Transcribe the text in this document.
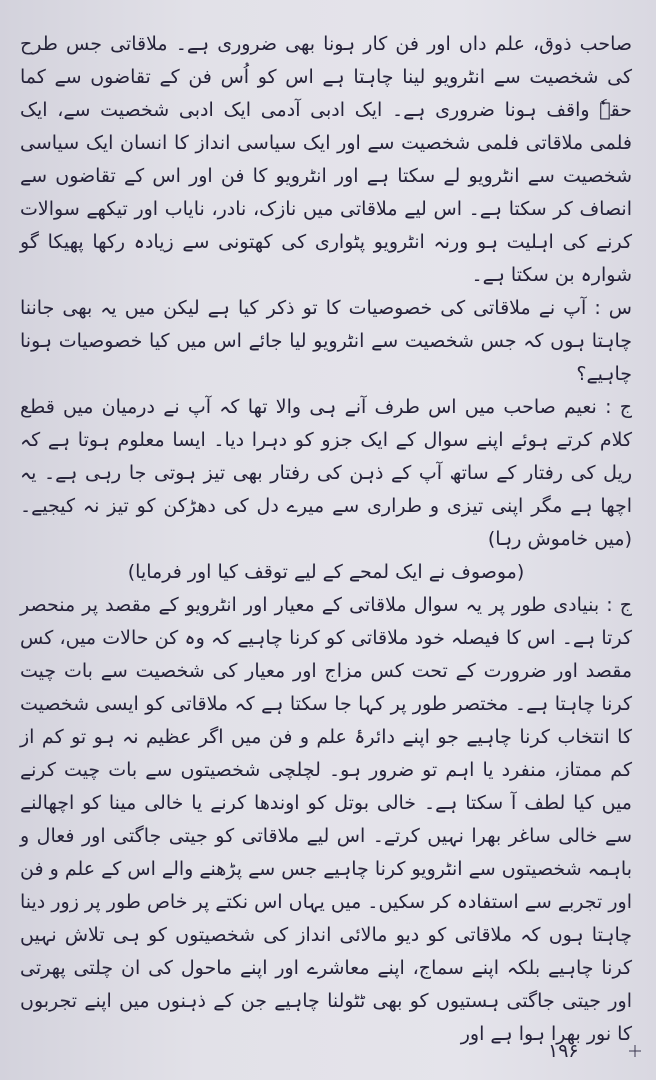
صاحب ذوق، علم داں اور فن کار ہونا بھی ضروری ہے۔ ملاقاتی جس طرح کی شخصیت سے انٹرویو لینا چاہتا ہے اس کو اُس فن کے تقاضوں سے کما حقہٗ واقف ہونا ضروری ہے۔ ایک ادبی آدمی ایک ادبی شخصیت سے، ایک فلمی ملاقاتی فلمی شخصیت سے اور ایک سیاسی انداز کا انسان ایک سیاسی شخصیت سے انٹرویو لے سکتا ہے اور انٹرویو کا فن اور اس کے تقاضوں سے انصاف کر سکتا ہے۔ اس لیے ملاقاتی میں نازک، نادر، نایاب اور تیکھے سوالات کرنے کی اہلیت ہو ورنہ انٹرویو پٹواری کی کھتونی سے زیادہ رکھا پھیکا گو شوارہ بن سکتا ہے۔

س : آپ نے ملاقاتی کی خصوصیات کا تو ذکر کیا ہے لیکن میں یہ بھی جاننا چاہتا ہوں کہ جس شخصیت سے انٹرویو لیا جائے اس میں کیا خصوصیات ہونا چاہیے؟

ج : نعیم صاحب میں اس طرف آنے ہی والا تھا کہ آپ نے درمیان میں قطع کلام کرتے ہوئے اپنے سوال کے ایک جزو کو دہرا دیا۔ ایسا معلوم ہوتا ہے کہ ریل کی رفتار کے ساتھ آپ کے ذہن کی رفتار بھی تیز ہوتی جا رہی ہے۔ یہ اچھا ہے مگر اپنی تیزی و طراری سے میرے دل کی دھڑکن کو تیز نہ کیجیے۔ (میں خاموش رہا)

(موصوف نے ایک لمحے کے لیے توقف کیا اور فرمایا)

ج : بنیادی طور پر یہ سوال ملاقاتی کے معیار اور انٹرویو کے مقصد پر منحصر کرتا ہے۔ اس کا فیصلہ خود ملاقاتی کو کرنا چاہیے کہ وہ کن حالات میں، کس مقصد اور ضرورت کے تحت کس مزاج اور معیار کی شخصیت سے بات چیت کرنا چاہتا ہے۔ مختصر طور پر کہا جا سکتا ہے کہ ملاقاتی کو ایسی شخصیت کا انتخاب کرنا چاہیے جو اپنے دائرۂ علم و فن میں اگر عظیم نہ ہو تو کم از کم ممتاز، منفرد یا اہم تو ضرور ہو۔ لچلچی شخصیتوں سے بات چیت کرنے میں کیا لطف آ سکتا ہے۔ خالی بوتل کو اوندھا کرنے یا خالی مینا کو اچھالنے سے خالی ساغر بھرا نہیں کرتے۔ اس لیے ملاقاتی کو جیتی جاگتی اور فعال و باہمہ شخصیتوں سے انٹرویو کرنا چاہیے جس سے پڑھنے والے اس کے علم و فن اور تجربے سے استفادہ کر سکیں۔ میں یہاں اس نکتے پر خاص طور پر زور دینا چاہتا ہوں کہ ملاقاتی کو دیو مالائی انداز کی شخصیتوں کو ہی تلاش نہیں کرنا چاہیے بلکہ اپنے سماج، اپنے معاشرے اور اپنے ماحول کی ان چلتی پھرتی اور جیتی جاگتی ہستیوں کو بھی ٹٹولنا چاہیے جن کے ذہنوں میں اپنے تجربوں کا نور بھرا ہوا ہے اور

۱۹۶
